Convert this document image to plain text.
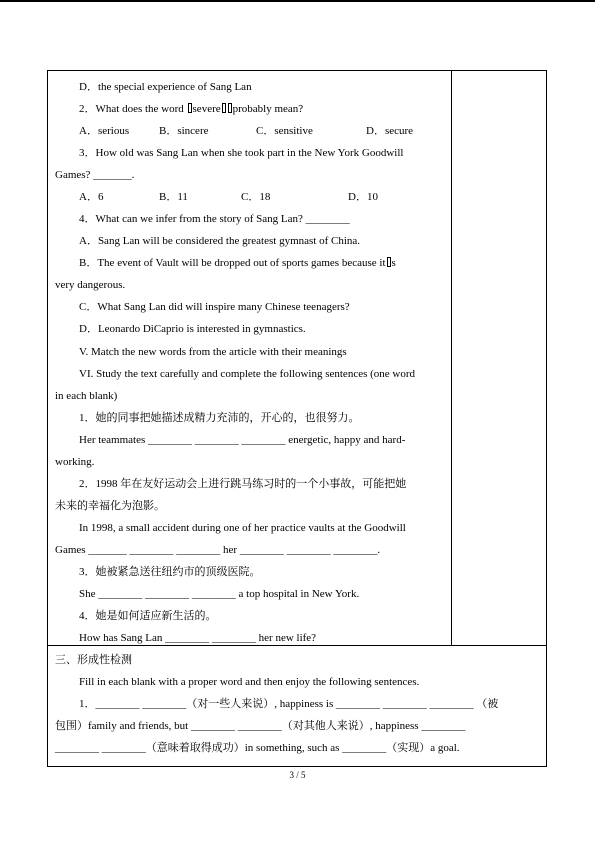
D．the special experience of Sang Lan
2．What does the word severe probably mean?
A．serious	B．sincere	C．sensitive	D．secure
3．How old was Sang Lan when she took part in the New York Goodwill
Games? _______.
A．6	B．11	C．18	D．10
4．What can we infer from the story of Sang Lan? ________
A．Sang Lan will be considered the greatest gymnast of China.
B．The event of Vault will be dropped out of sports games because it s
very dangerous.
C．What Sang Lan did will inspire many Chinese teenagers?
D．Leonardo DiCaprio is interested in gymnastics.
V. Match the new words from the article with their meanings
VI. Study the text carefully and complete the following sentences (one word
in each blank)
1．她的同事把她描述成精力充沛的，开心的，也很努力。
Her teammates ________ ________ ________ energetic, happy and hard-
working.
2．1998 年在友好运动会上进行跳马练习时的一个小事故，可能把她
未来的幸福化为泡影。
In 1998, a small accident during one of her practice vaults at the Goodwill
Games _______ ________ ________ her ________ ________ ________.
3．她被紧急送往纽约市的顶级医院。
She ________ ________ ________ a top hospital in New York.
4．她是如何适应新生活的。
How has Sang Lan ________ ________ her new life?
三、形成性检测
Fill in each blank with a proper word and then enjoy the following sentences.
1．________ ________（对一些人来说）, happiness is ________ ________ ________ （被
包围）family and friends, but ________ ________（对其他人来说）, happiness ________
________ ________（意味着取得成功）in something, such as ________（实现）a goal.
3 / 5
